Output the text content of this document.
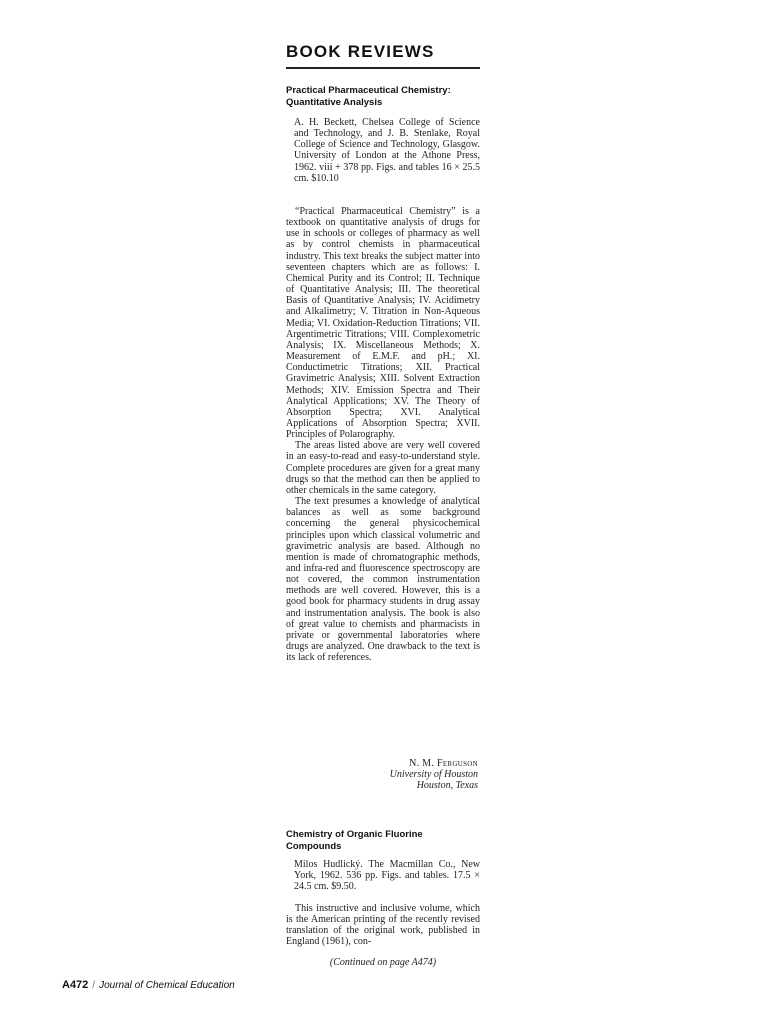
BOOK REVIEWS
Practical Pharmaceutical Chemistry: Quantitative Analysis

A. H. Beckett, Chelsea College of Science and Technology, and J. B. Stenlake, Royal College of Science and Technology, Glasgow. University of London at the Athone Press, 1962. viii + 378 pp. Figs. and tables 16 × 25.5 cm. $10.10

“Practical Pharmaceutical Chemistry” is a textbook on quantitative analysis of drugs for use in schools or colleges of pharmacy as well as by control chemists in pharmaceutical industry. This text breaks the subject matter into seventeen chapters which are as follows: I. Chemical Purity and its Control; II. Technique of Quantitative Analysis; III. The theoretical Basis of Quantitative Analysis; IV. Acidimetry and Alkalimetry; V. Titration in Non-Aqueous Media; VI. Oxidation-Reduction Titrations; VII. Argentimetric Titrations; VIII. Complexometric Analysis; IX. Miscellaneous Methods; X. Measurement of E.M.F. and pH.; XI. Conductimetric Titrations; XII. Practical Gravimetric Analysis; XIII. Solvent Extraction Methods; XIV. Emission Spectra and Their Analytical Applications; XV. The Theory of Absorption Spectra; XVI. Analytical Applications of Absorption Spectra; XVII. Principles of Polarography.

The areas listed above are very well covered in an easy-to-read and easy-to-understand style. Complete procedures are given for a great many drugs so that the method can then be applied to other chemicals in the same category.

The text presumes a knowledge of analytical balances as well as some background concerning the general physicochemical principles upon which classical volumetric and gravimetric analysis are based. Although no mention is made of chromatographic methods, and infra-red and fluorescence spectroscopy are not covered, the common instrumentation methods are well covered. However, this is a good book for pharmacy students in drug assay and instrumentation analysis. The book is also of great value to chemists and pharmacists in private or governmental laboratories where drugs are analyzed. One drawback to the text is its lack of references.

N. M. Ferguson
University of Houston
Houston, Texas
Chemistry of Organic Fluorine Compounds

Milos Hudlický. The Macmillan Co., New York, 1962. 536 pp. Figs. and tables. 17.5 × 24.5 cm. $9.50.

This instructive and inclusive volume, which is the American printing of the recently revised translation of the original work, published in England (1961), con-

(Continued on page A474)
A472 / Journal of Chemical Education
